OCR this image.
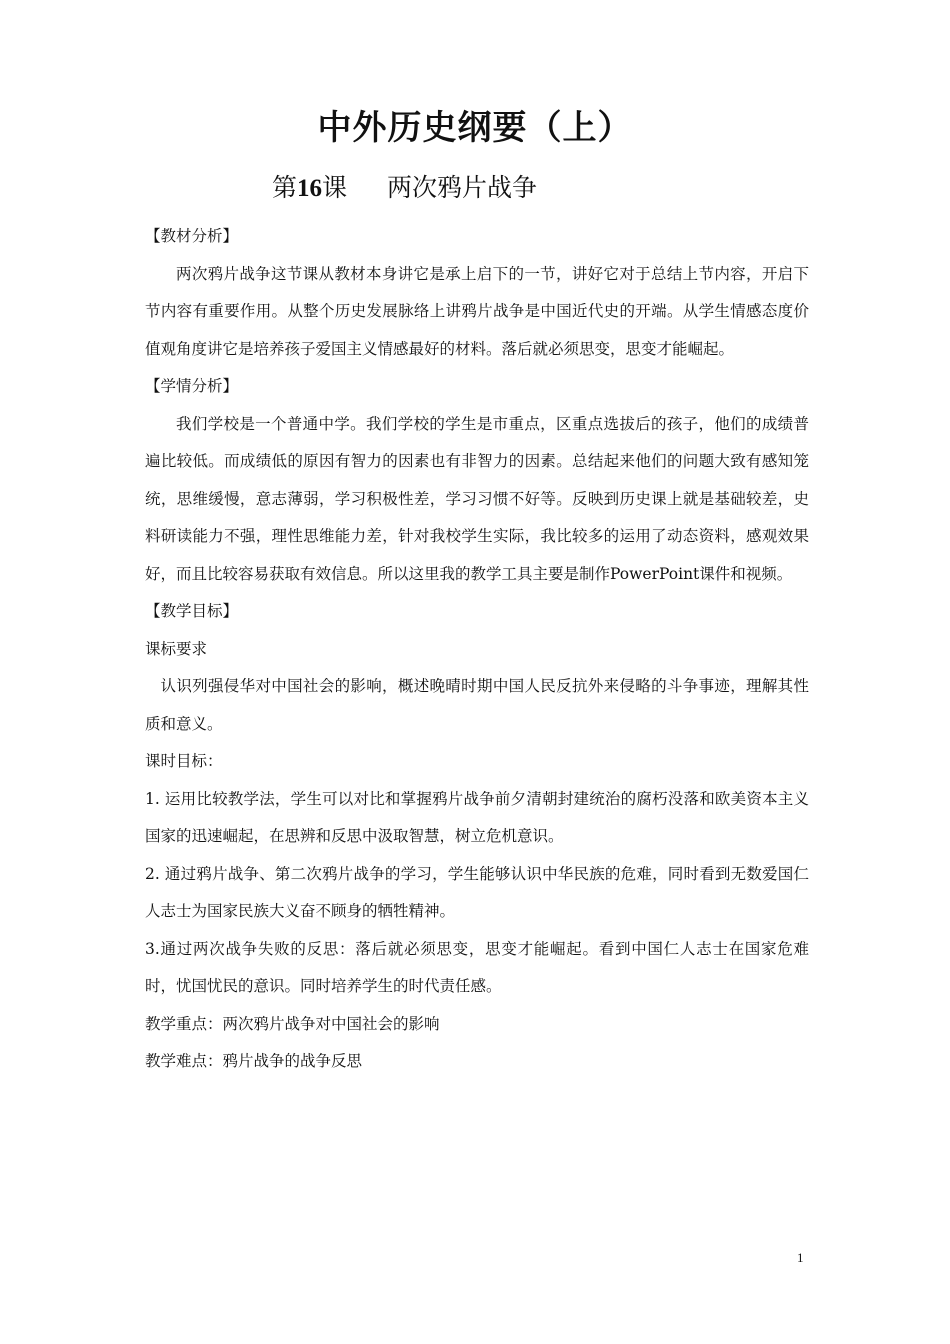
中外历史纲要（上）
第16课 两次鸦片战争

【教材分析】

两次鸦片战争这节课从教材本身讲它是承上启下的一节，讲好它对于总结上节内容，开启下节内容有重要作用。从整个历史发展脉络上讲鸦片战争是中国近代史的开端。从学生情感态度价值观角度讲它是培养孩子爱国主义情感最好的材料。落后就必须思变，思变才能崛起。

【学情分析】

我们学校是一个普通中学。我们学校的学生是市重点，区重点选拔后的孩子，他们的成绩普遍比较低。而成绩低的原因有智力的因素也有非智力的因素。总结起来他们的问题大致有感知笼统，思维缓慢，意志薄弱，学习积极性差，学习习惯不好等。反映到历史课上就是基础较差，史料研读能力不强，理性思维能力差，针对我校学生实际，我比较多的运用了动态资料，感观效果好，而且比较容易获取有效信息。所以这里我的教学工具主要是制作PowerPoint课件和视频。

【教学目标】

课标要求

认识列强侵华对中国社会的影响，概述晚晴时期中国人民反抗外来侵略的斗争事迹，理解其性质和意义。

课时目标：

1. 运用比较教学法，学生可以对比和掌握鸦片战争前夕清朝封建统治的腐朽没落和欧美资本主义国家的迅速崛起，在思辨和反思中汲取智慧，树立危机意识。

2. 通过鸦片战争、第二次鸦片战争的学习，学生能够认识中华民族的危难，同时看到无数爱国仁人志士为国家民族大义奋不顾身的牺牲精神。

3.通过两次战争失败的反思：落后就必须思变，思变才能崛起。看到中国仁人志士在国家危难时，忧国忧民的意识。同时培养学生的时代责任感。

教学重点：两次鸦片战争对中国社会的影响

教学难点：鸦片战争的战争反思

1
